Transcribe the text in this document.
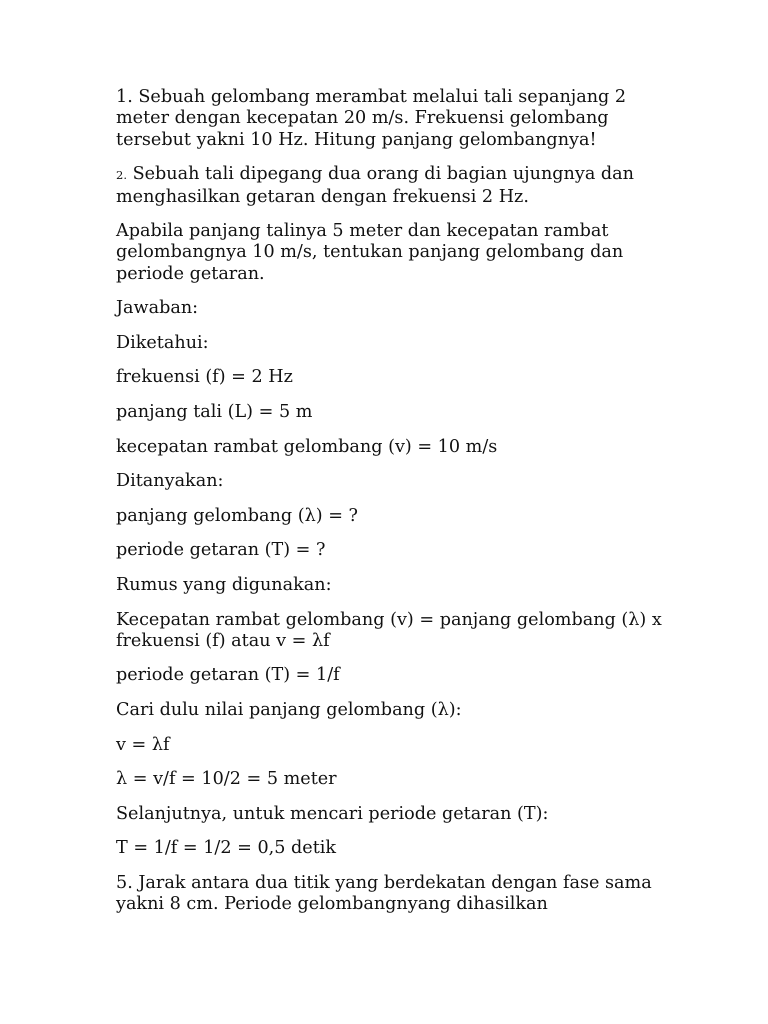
1. Sebuah gelombang merambat melalui tali sepanjang 2 meter dengan kecepatan 20 m/s. Frekuensi gelombang tersebut yakni 10 Hz. Hitung panjang gelombangnya!

2. Sebuah tali dipegang dua orang di bagian ujungnya dan menghasilkan getaran dengan frekuensi 2 Hz.

Apabila panjang talinya 5 meter dan kecepatan rambat gelombangnya 10 m/s, tentukan panjang gelombang dan periode getaran.

Jawaban:

Diketahui:

frekuensi (f) = 2 Hz

panjang tali (L) = 5 m

kecepatan rambat gelombang (v) = 10 m/s

Ditanyakan:

panjang gelombang (λ) = ?

periode getaran (T) = ?

Rumus yang digunakan:

Kecepatan rambat gelombang (v) = panjang gelombang (λ) x frekuensi (f) atau v = λf

periode getaran (T) = 1/f

Cari dulu nilai panjang gelombang (λ):

v = λf

λ = v/f = 10/2 = 5 meter

Selanjutnya, untuk mencari periode getaran (T):

T = 1/f = 1/2 = 0,5 detik

5. Jarak antara dua titik yang berdekatan dengan fase sama yakni 8 cm. Periode gelombangnyang dihasilkan
